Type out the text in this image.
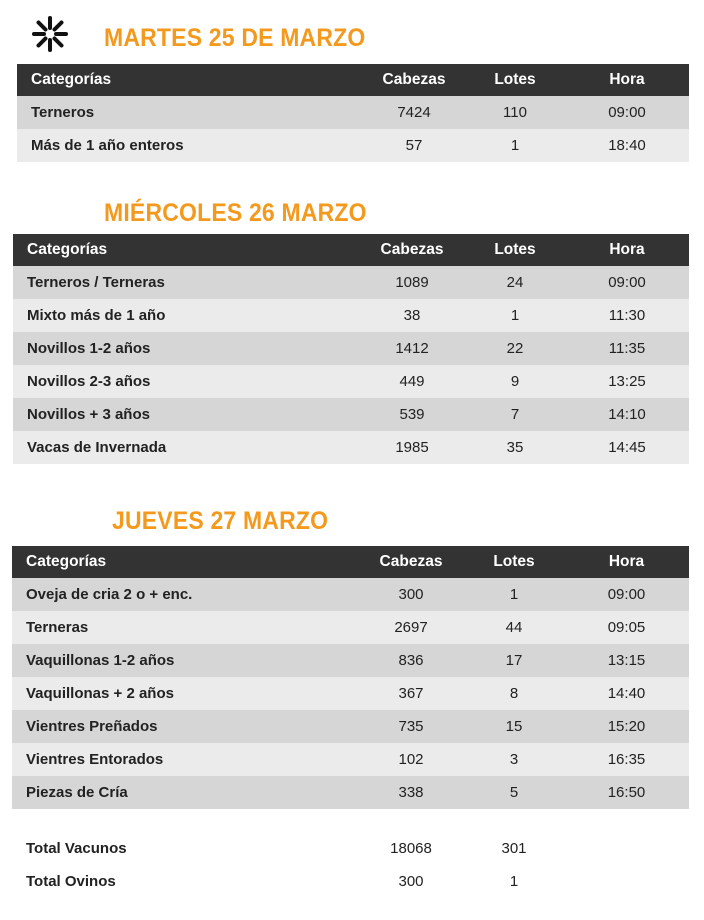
MARTES 25 DE MARZO
Categorías	Cabezas	Lotes	Hora
Terneros	7424	110	09:00
Más de 1 año enteros	57	1	18:40
MIÉRCOLES 26 MARZO
Categorías	Cabezas	Lotes	Hora
Terneros / Terneras	1089	24	09:00
Mixto más de 1 año	38	1	11:30
Novillos 1-2 años	1412	22	11:35
Novillos 2-3 años	449	9	13:25
Novillos + 3 años	539	7	14:10
Vacas de Invernada	1985	35	14:45
JUEVES 27 MARZO
Categorías	Cabezas	Lotes	Hora
Oveja de cria 2 o + enc.	300	1	09:00
Terneras	2697	44	09:05
Vaquillonas 1-2 años	836	17	13:15
Vaquillonas + 2 años	367	8	14:40
Vientres Preñados	735	15	15:20
Vientres Entorados	102	3	16:35
Piezas de Cría	338	5	16:50
Total Vacunos	18068	301	
Total Ovinos	300	1	
